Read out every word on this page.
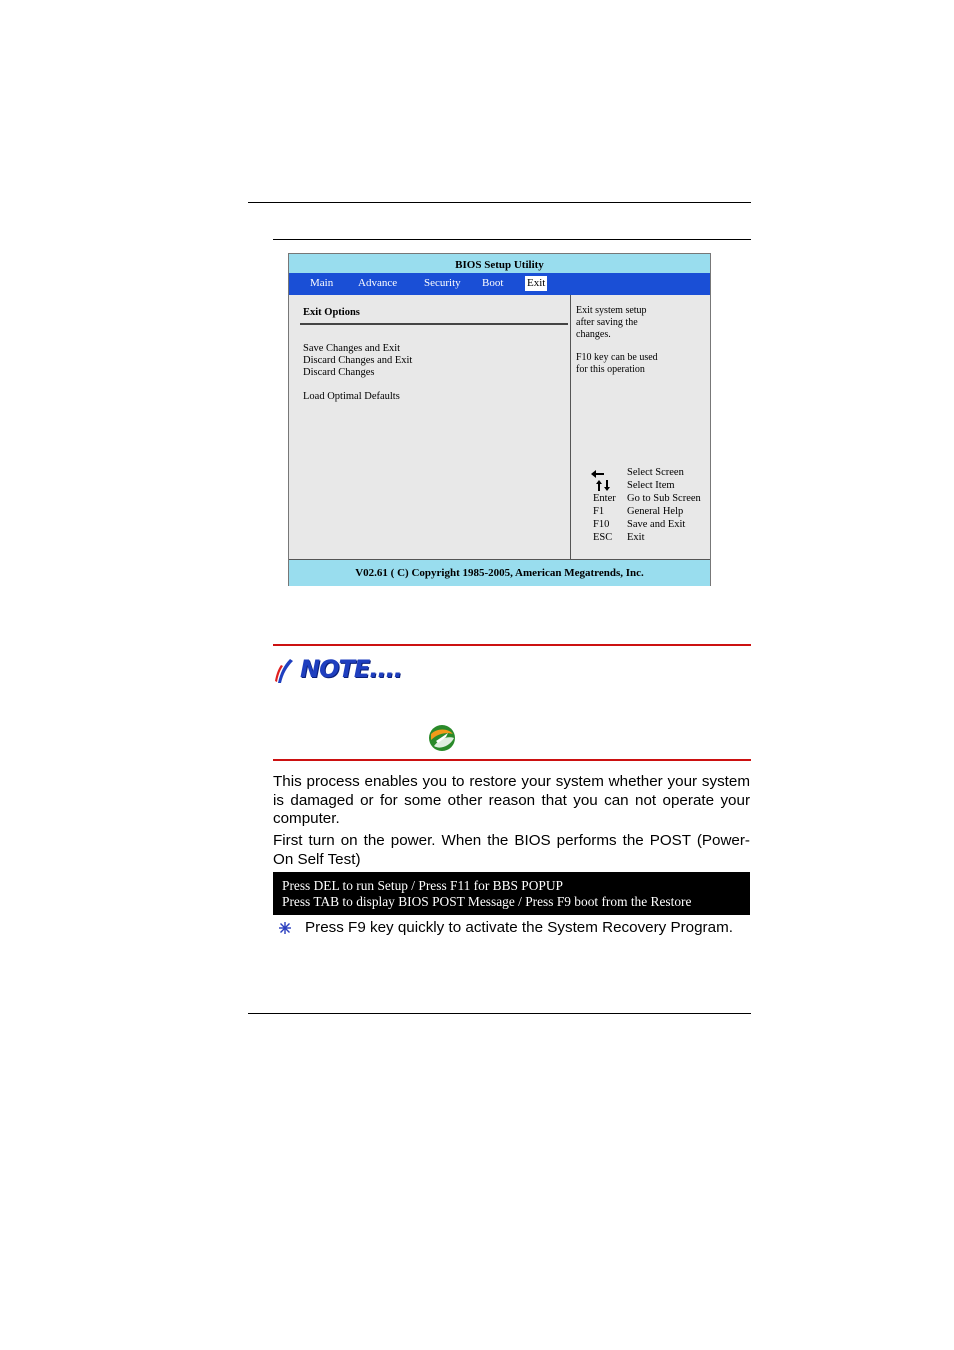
BIOS Setup Utility
Main Advance Security Boot Exit
Exit Options
Save Changes and Exit
Discard Changes and Exit
Discard Changes
Load Optimal Defaults
Exit system setup
after saving the
changes.
F10 key can be used
for this operation
Select Screen
Select Item
Enter Go to Sub Screen
F1 General Help
F10 Save and Exit
ESC Exit
V02.61 ( C) Copyright 1985-2005, American Megatrends, Inc.
NOTE....
This process enables you to restore your system whether your system is damaged or for some other reason that you can not operate your computer.
First turn on the power. When the BIOS performs the POST (Power-On Self Test)
Press DEL to run Setup / Press F11 for BBS POPUP
Press TAB to display BIOS POST Message / Press F9 boot from the Restore
Press F9 key quickly to activate the System Recovery Program.
